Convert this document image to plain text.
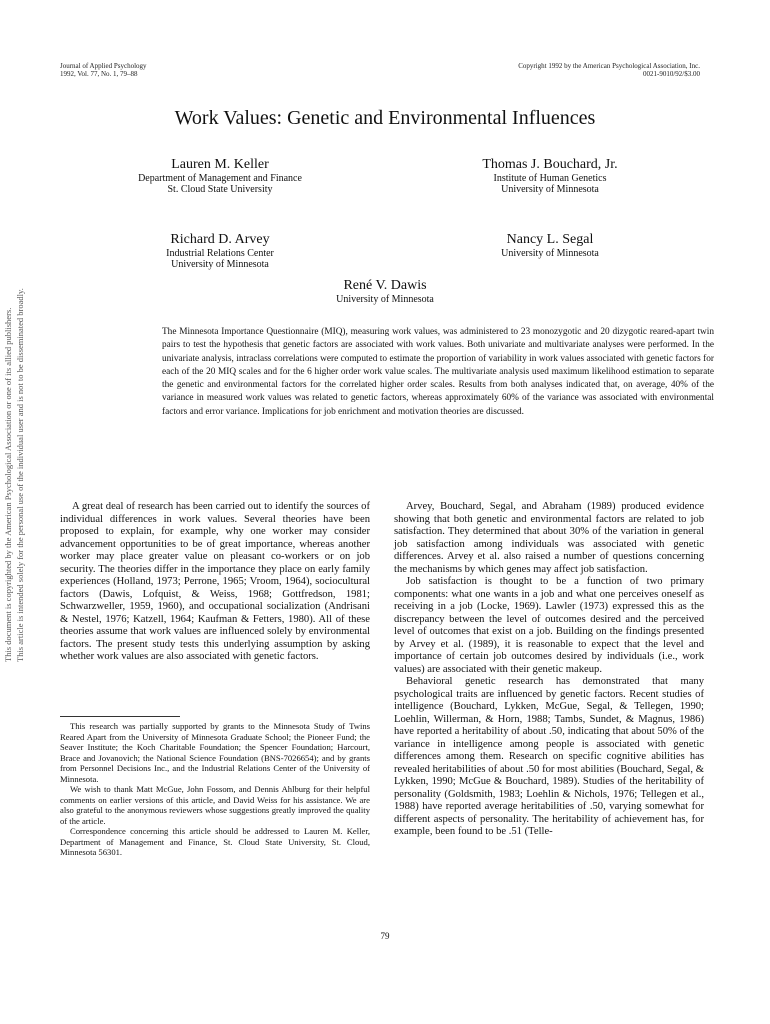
Journal of Applied Psychology
1992, Vol. 77, No. 1, 79–88
Copyright 1992 by the American Psychological Association, Inc.
0021-9010/92/$3.00
This document is copyrighted by the American Psychological Association or one of its allied publishers. This article is intended solely for the personal use of the individual user and is not to be disseminated broadly.
Work Values: Genetic and Environmental Influences
Lauren M. Keller
Department of Management and Finance
St. Cloud State University
Thomas J. Bouchard, Jr.
Institute of Human Genetics
University of Minnesota
Richard D. Arvey
Industrial Relations Center
University of Minnesota
Nancy L. Segal
University of Minnesota
René V. Dawis
University of Minnesota

The Minnesota Importance Questionnaire (MIQ), measuring work values, was administered to 23 monozygotic and 20 dizygotic reared-apart twin pairs to test the hypothesis that genetic factors are associated with work values. Both univariate and multivariate analyses were performed. In the univariate analysis, intraclass correlations were computed to estimate the proportion of variability in work values associated with genetic factors for each of the 20 MIQ scales and for the 6 higher order work value scales. The multivariate analysis used maximum likelihood estimation to separate the genetic and environmental factors for the correlated higher order scales. Results from both analyses indicated that, on average, 40% of the variance in measured work values was related to genetic factors, whereas approximately 60% of the variance was associated with environmental factors and error variance. Implications for job enrichment and motivation theories are discussed.

A great deal of research has been carried out to identify the sources of individual differences in work values. Several theories have been proposed to explain, for example, why one worker may consider advancement opportunities to be of great importance, whereas another worker may place greater value on pleasant co-workers or on job security. The theories differ in the importance they place on early family experiences (Holland, 1973; Perrone, 1965; Vroom, 1964), sociocultural factors (Dawis, Lofquist, & Weiss, 1968; Gottfredson, 1981; Schwarzweller, 1959, 1960), and occupational socialization (Andrisani & Nestel, 1976; Katzell, 1964; Kaufman & Fetters, 1980). All of these theories assume that work values are influenced solely by environmental factors. The present study tests this underlying assumption by asking whether work values are also associated with genetic factors.

This research was partially supported by grants to the Minnesota Study of Twins Reared Apart from the University of Minnesota Graduate School; the Pioneer Fund; the Seaver Institute; the Koch Charitable Foundation; the Spencer Foundation; Harcourt, Brace and Jovanovich; the National Science Foundation (BNS-7026654); and by grants from Personnel Decisions Inc., and the Industrial Relations Center of the University of Minnesota.

We wish to thank Matt McGue, John Fossom, and Dennis Ahlburg for their helpful comments on earlier versions of this article, and David Weiss for his assistance. We are also grateful to the anonymous reviewers whose suggestions greatly improved the quality of the article.

Correspondence concerning this article should be addressed to Lauren M. Keller, Department of Management and Finance, St. Cloud State University, St. Cloud, Minnesota 56301.

Arvey, Bouchard, Segal, and Abraham (1989) produced evidence showing that both genetic and environmental factors are related to job satisfaction. They determined that about 30% of the variation in general job satisfaction among individuals was associated with genetic differences. Arvey et al. also raised a number of questions concerning the mechanisms by which genes may affect job satisfaction.

Job satisfaction is thought to be a function of two primary components: what one wants in a job and what one perceives oneself as receiving in a job (Locke, 1969). Lawler (1973) expressed this as the discrepancy between the level of outcomes desired and the perceived level of outcomes that exist on a job. Building on the findings presented by Arvey et al. (1989), it is reasonable to expect that the level and importance of certain job outcomes desired by individuals (i.e., work values) are associated with their genetic makeup.

Behavioral genetic research has demonstrated that many psychological traits are influenced by genetic factors. Recent studies of intelligence (Bouchard, Lykken, McGue, Segal, & Tellegen, 1990; Loehlin, Willerman, & Horn, 1988; Tambs, Sundet, & Magnus, 1986) have reported a heritability of about .50, indicating that about 50% of the variance in intelligence among people is associated with genetic differences among them. Research on specific cognitive abilities has revealed heritabilities of about .50 for most abilities (Bouchard, Segal, & Lykken, 1990; McGue & Bouchard, 1989). Studies of the heritability of personality (Goldsmith, 1983; Loehlin & Nichols, 1976; Tellegen et al., 1988) have reported average heritabilities of .50, varying somewhat for different aspects of personality. The heritability of achievement has, for example, been found to be .51 (Telle-

79
